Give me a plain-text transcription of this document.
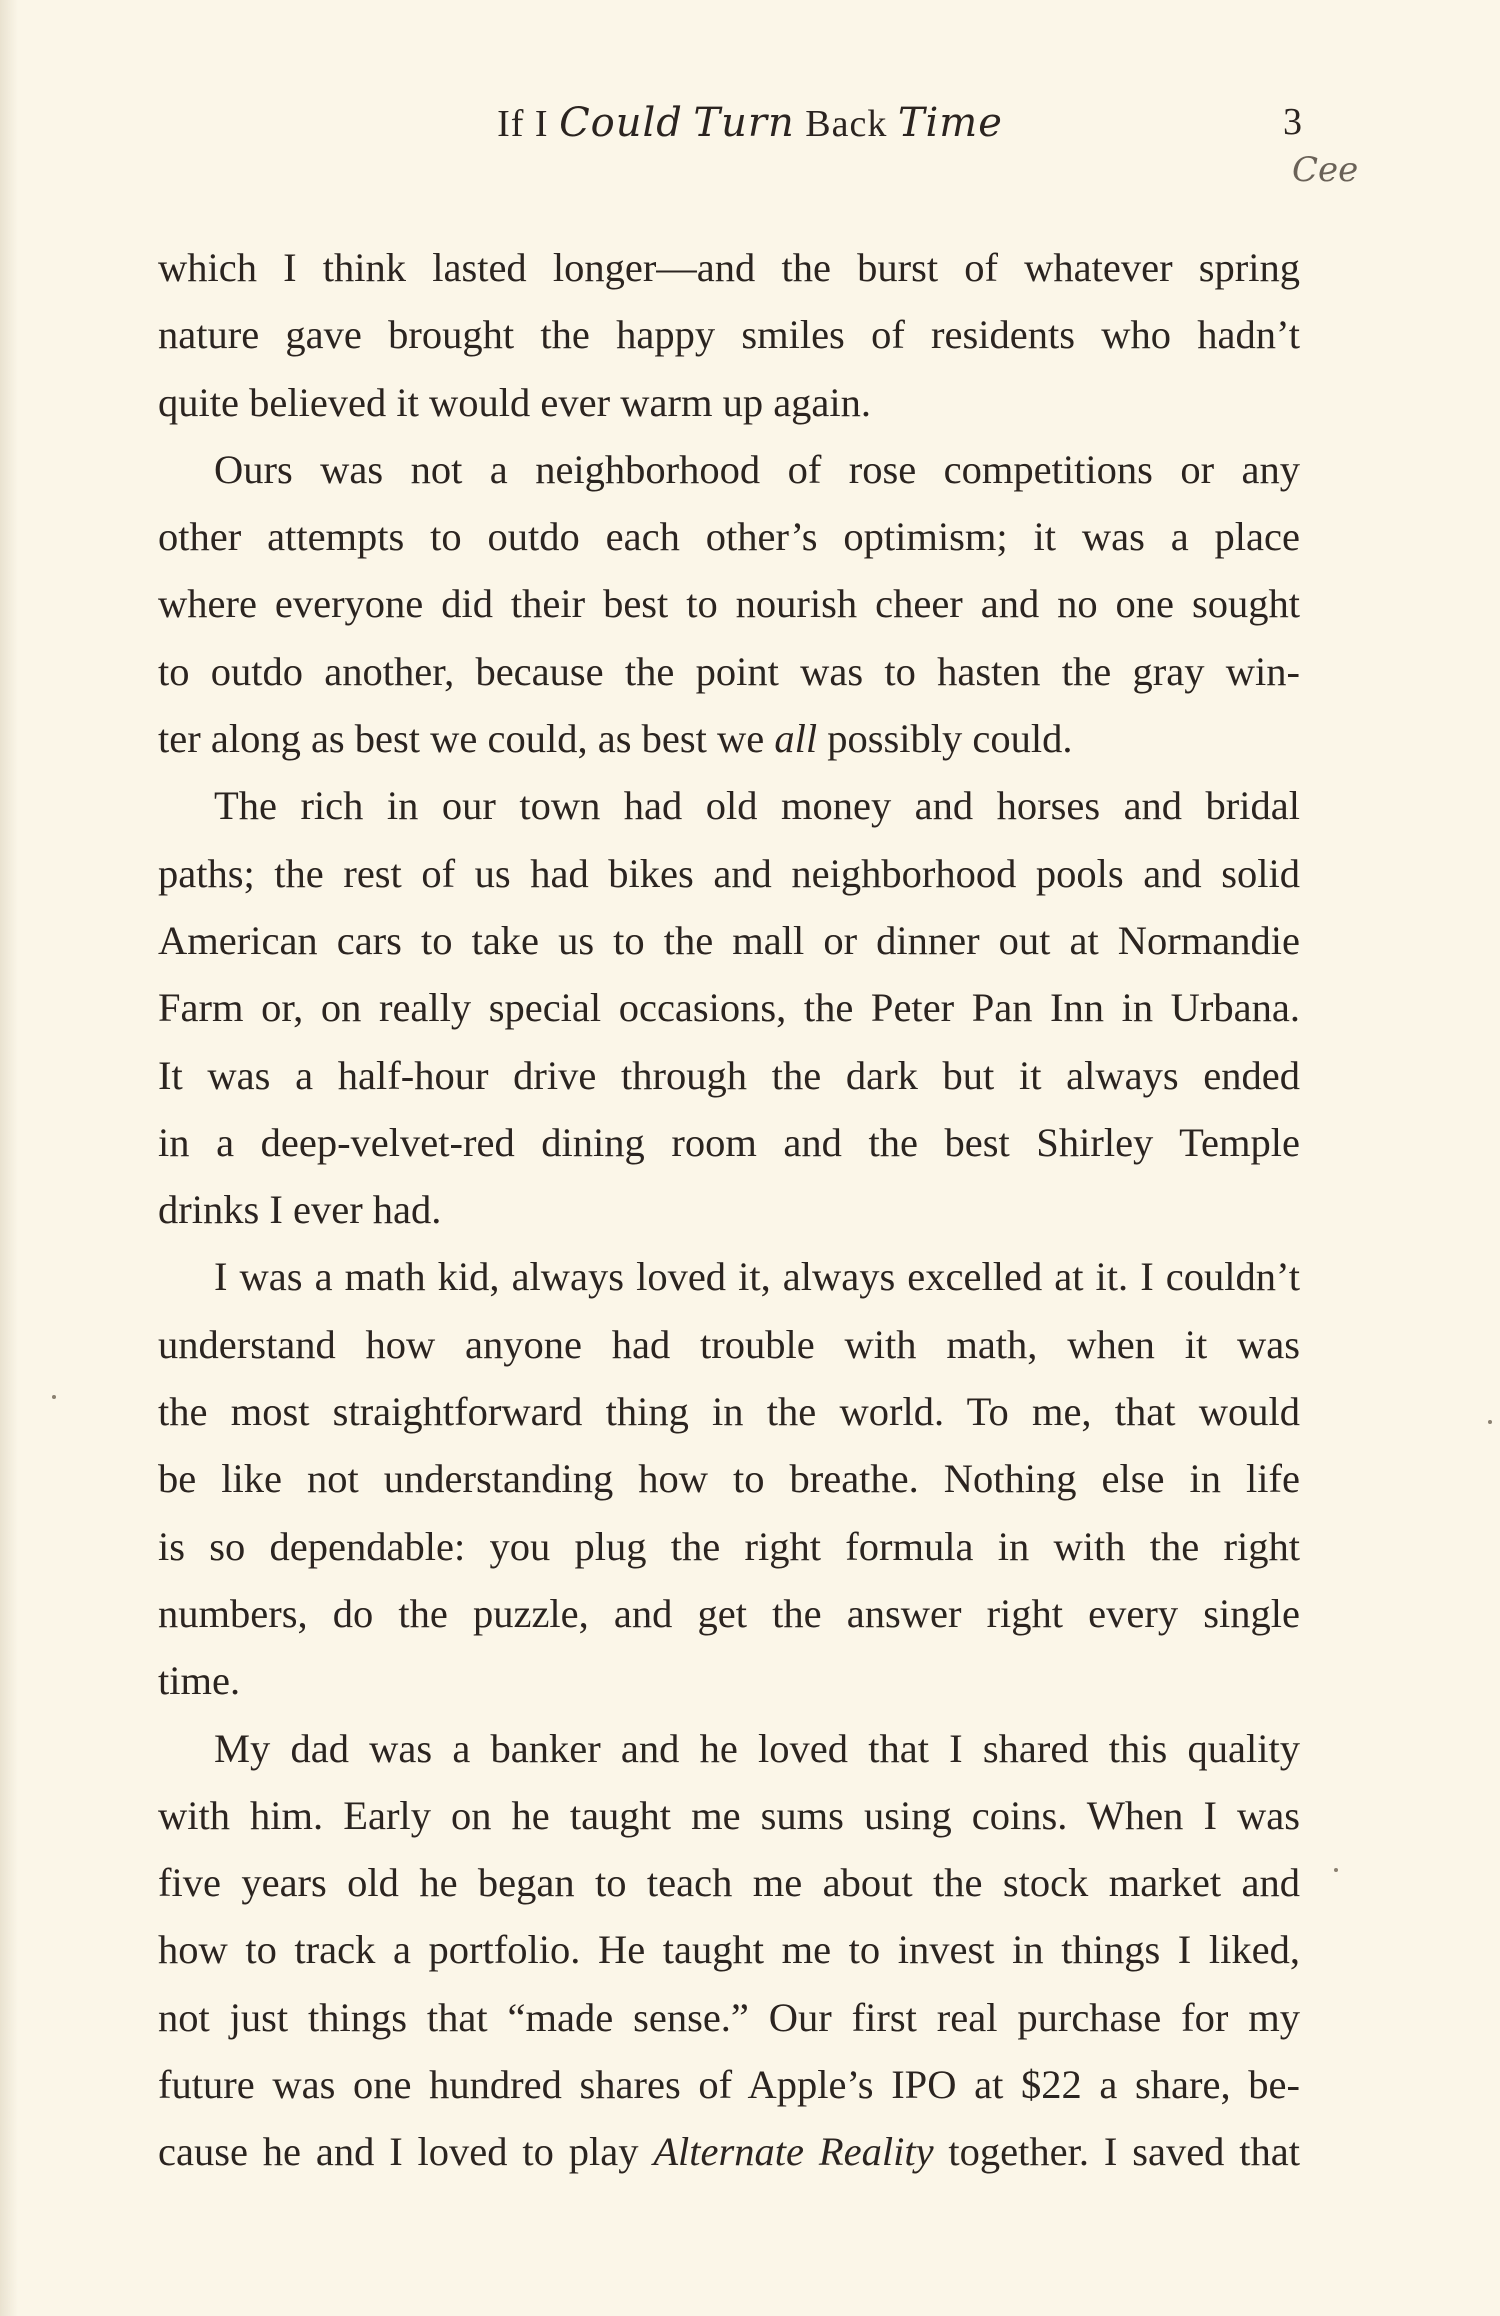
If I Could Turn Back Time	3
Cee
which I think lasted longer—and the burst of whatever spring
nature gave brought the happy smiles of residents who hadn’t
quite believed it would ever warm up again.
Ours was not a neighborhood of rose competitions or any
other attempts to outdo each other’s optimism; it was a place
where everyone did their best to nourish cheer and no one sought
to outdo another, because the point was to hasten the gray win-
ter along as best we could, as best we all possibly could.
The rich in our town had old money and horses and bridal
paths; the rest of us had bikes and neighborhood pools and solid
American cars to take us to the mall or dinner out at Normandie
Farm or, on really special occasions, the Peter Pan Inn in Urbana.
It was a half-hour drive through the dark but it always ended
in a deep-velvet-red dining room and the best Shirley Temple
drinks I ever had.
I was a math kid, always loved it, always excelled at it. I couldn’t
understand how anyone had trouble with math, when it was
the most straightforward thing in the world. To me, that would
be like not understanding how to breathe. Nothing else in life
is so dependable: you plug the right formula in with the right
numbers, do the puzzle, and get the answer right every single
time.
My dad was a banker and he loved that I shared this quality
with him. Early on he taught me sums using coins. When I was
five years old he began to teach me about the stock market and
how to track a portfolio. He taught me to invest in things I liked,
not just things that “made sense.” Our first real purchase for my
future was one hundred shares of Apple’s IPO at $22 a share, be-
cause he and I loved to play Alternate Reality together. I saved that
